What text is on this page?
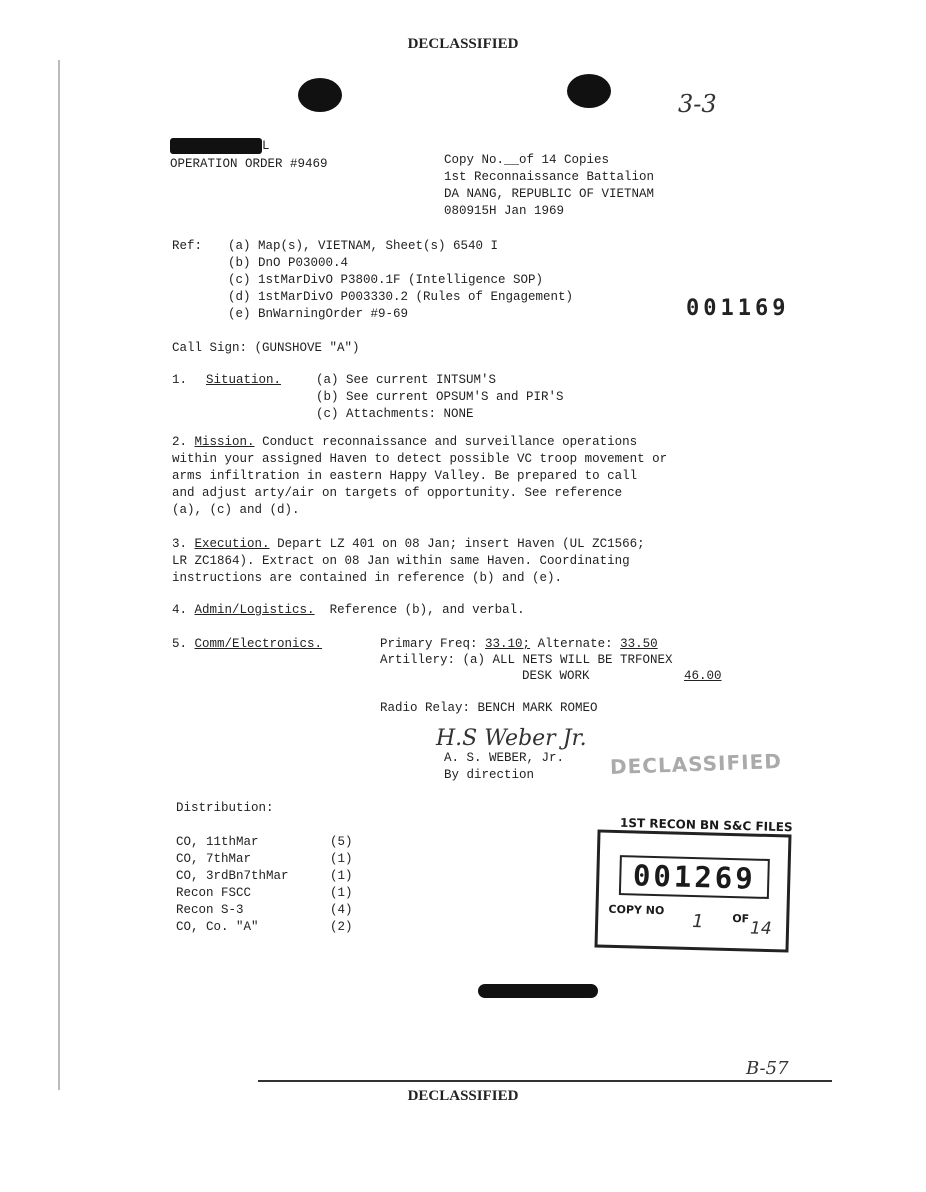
DECLASSIFIED
3-3
L
OPERATION ORDER #9469	Copy No.__of 14 Copies
1st Reconnaissance Battalion
DA NANG, REPUBLIC OF VIETNAM
080915H Jan 1969
Ref: (a) Map(s), VIETNAM, Sheet(s) 6540 I
(b) DnO P03000.4
(c) 1stMarDivO P3800.1F (Intelligence SOP)
(d) 1stMarDivO P003330.2 (Rules of Engagement)
(e) BnWarningOrder #9-69	001169
Call Sign: (GUNSHOVE "A")
1. Situation.	(a) See current INTSUM'S
(b) See current OPSUM'S and PIR'S
(c) Attachments: NONE
2. Mission. Conduct reconnaissance and surveillance operations
within your assigned Haven to detect possible VC troop movement or
arms infiltration in eastern Happy Valley. Be prepared to call
and adjust arty/air on targets of opportunity. See reference
(a), (c) and (d).
3. Execution. Depart LZ 401 on 08 Jan; insert Haven (UL ZC1566;
LR ZC1864). Extract on 08 Jan within same Haven. Coordinating
instructions are contained in reference (b) and (e).
4. Admin/Logistics. Reference (b), and verbal.
5. Comm/Electronics.	Primary Freq: 33.10; Alternate: 33.50
Artillery: (a) ALL NETS WILL BE TRFONEX
DESK WORK	46.00
Radio Relay: BENCH MARK ROMEO
H.S Weber Jr.
A. S. WEBER, Jr.
By direction	DECLASSIFIED
Distribution:
CO, 11thMar	(5)
CO, 7thMar	(1)
CO, 3rdBn7thMar	(1)
Recon FSCC	(1)
Recon S-3	(4)
CO, Co. "A"	(2)
1ST RECON BN S&C FILES
001269
COPY NO
1	OF 14
B-57
DECLASSIFIED
